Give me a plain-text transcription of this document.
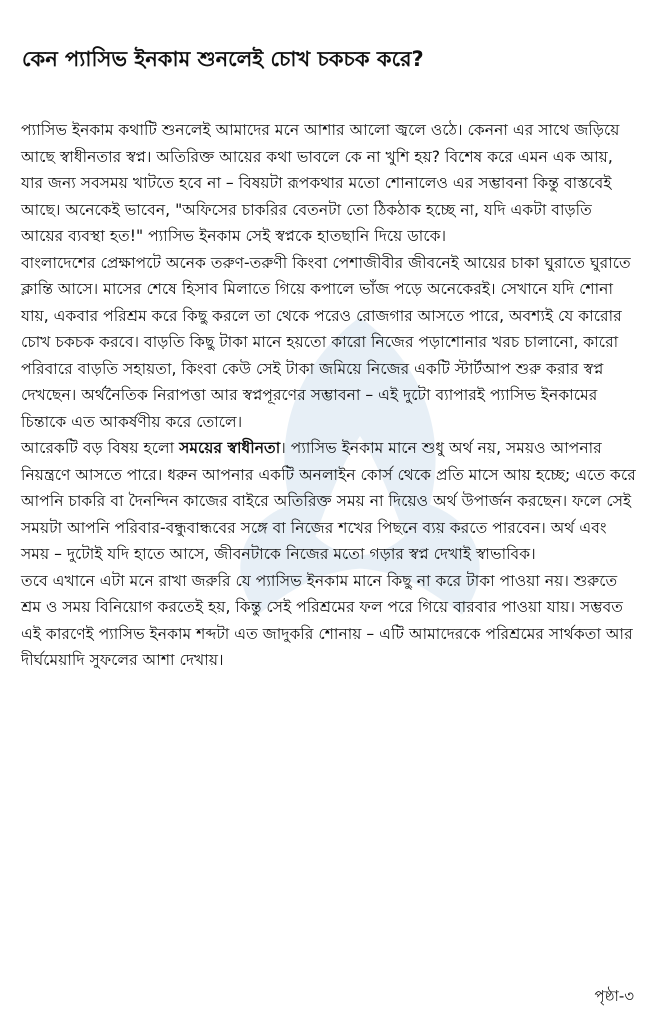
কেন প্যাসিভ ইনকাম শুনলেই চোখ চকচক করে?

প্যাসিভ ইনকাম কথাটি শুনলেই আমাদের মনে আশার আলো জ্বলে ওঠে। কেননা এর সাথে জড়িয়ে আছে স্বাধীনতার স্বপ্ন। অতিরিক্ত আয়ের কথা ভাবলে কে না খুশি হয়? বিশেষ করে এমন এক আয়, যার জন্য সবসময় খাটতে হবে না – বিষয়টা রূপকথার মতো শোনালেও এর সম্ভাবনা কিন্তু বাস্তবেই আছে। অনেকেই ভাবেন, "অফিসের চাকরির বেতনটা তো ঠিকঠাক হচ্ছে না, যদি একটা বাড়তি আয়ের ব্যবস্থা হত!" প্যাসিভ ইনকাম সেই স্বপ্নকে হাতছানি দিয়ে ডাকে।

বাংলাদেশের প্রেক্ষাপটে অনেক তরুণ-তরুণী কিংবা পেশাজীবীর জীবনেই আয়ের চাকা ঘুরাতে ঘুরাতে ক্লান্তি আসে। মাসের শেষে হিসাব মিলাতে গিয়ে কপালে ভাঁজ পড়ে অনেকেরই। সেখানে যদি শোনা যায়, একবার পরিশ্রম করে কিছু করলে তা থেকে পরেও রোজগার আসতে পারে, অবশ্যই যে কারোর চোখ চকচক করবে। বাড়তি কিছু টাকা মানে হয়তো কারো নিজের পড়াশোনার খরচ চালানো, কারো পরিবারে বাড়তি সহায়তা, কিংবা কেউ সেই টাকা জমিয়ে নিজের একটি স্টার্টআপ শুরু করার স্বপ্ন দেখছেন। অর্থনৈতিক নিরাপত্তা আর স্বপ্নপূরণের সম্ভাবনা – এই দুটো ব্যাপারই প্যাসিভ ইনকামের চিন্তাকে এত আকর্ষণীয় করে তোলে।

আরেকটি বড় বিষয় হলো সময়ের স্বাধীনতা। প্যাসিভ ইনকাম মানে শুধু অর্থ নয়, সময়ও আপনার নিয়ন্ত্রণে আসতে পারে। ধরুন আপনার একটি অনলাইন কোর্স থেকে প্রতি মাসে আয় হচ্ছে; এতে করে আপনি চাকরি বা দৈনন্দিন কাজের বাইরে অতিরিক্ত সময় না দিয়েও অর্থ উপার্জন করছেন। ফলে সেই সময়টা আপনি পরিবার-বন্ধুবান্ধবের সঙ্গে বা নিজের শখের পিছনে ব্যয় করতে পারবেন। অর্থ এবং সময় – দুটোই যদি হাতে আসে, জীবনটাকে নিজের মতো গড়ার স্বপ্ন দেখাই স্বাভাবিক।

তবে এখানে এটা মনে রাখা জরুরি যে প্যাসিভ ইনকাম মানে কিছু না করে টাকা পাওয়া নয়। শুরুতে শ্রম ও সময় বিনিয়োগ করতেই হয়, কিন্তু সেই পরিশ্রমের ফল পরে গিয়ে বারবার পাওয়া যায়। সম্ভবত এই কারণেই প্যাসিভ ইনকাম শব্দটা এত জাদুকরি শোনায় – এটি আমাদেরকে পরিশ্রমের সার্থকতা আর দীর্ঘমেয়াদি সুফলের আশা দেখায়।

পৃষ্ঠা-৩
